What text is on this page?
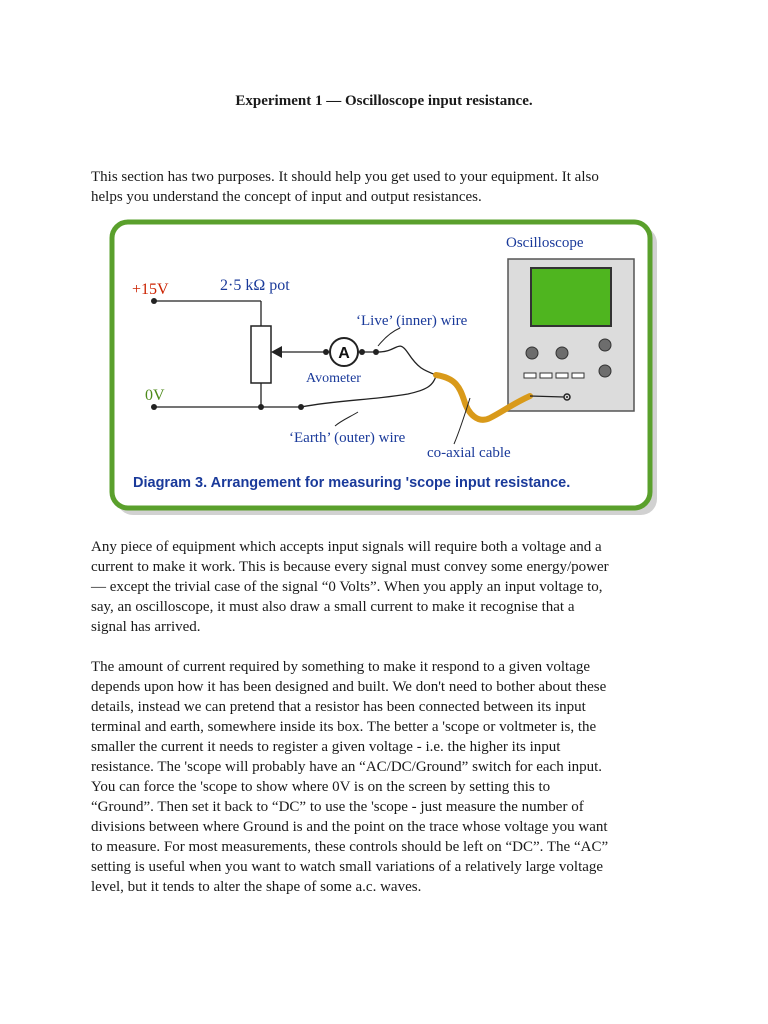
Experiment 1 — Oscilloscope input resistance.

This section has two purposes. It should help you get used to your equipment. It also
helps you understand the concept of input and output resistances.

A
Oscilloscope
+15V	2·5 kΩ pot
‘Live’ (inner) wire
Avometer
0V
‘Earth’ (outer) wire
co-axial cable
Diagram 3. Arrangement for measuring 'scope input resistance.

Any piece of equipment which accepts input signals will require both a voltage and a
current to make it work. This is because every signal must convey some energy/power
— except the trivial case of the signal “0 Volts”. When you apply an input voltage to,
say, an oscilloscope, it must also draw a small current to make it recognise that a
signal has arrived.

The amount of current required by something to make it respond to a given voltage
depends upon how it has been designed and built. We don't need to bother about these
details, instead we can pretend that a resistor has been connected between its input
terminal and earth, somewhere inside its box. The better a 'scope or voltmeter is, the
smaller the current it needs to register a given voltage - i.e. the higher its input
resistance. The 'scope will probably have an “AC/DC/Ground” switch for each input.
You can force the 'scope to show where 0V is on the screen by setting this to
“Ground”. Then set it back to “DC” to use the 'scope - just measure the number of
divisions between where Ground is and the point on the trace whose voltage you want
to measure. For most measurements, these controls should be left on “DC”. The “AC”
setting is useful when you want to watch small variations of a relatively large voltage
level, but it tends to alter the shape of some a.c. waves.
